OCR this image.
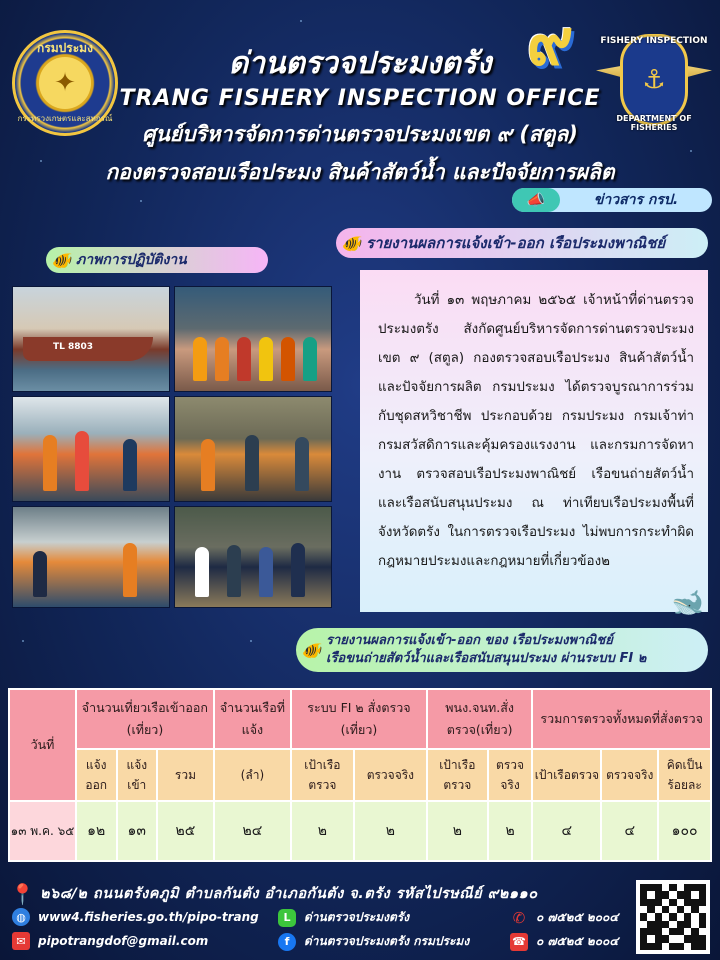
กรมประมง
✦
กระทรวงเกษตรและสหกรณ์
๙	⚓
FISHERY INSPECTION
DEPARTMENT OF FISHERIES
ด่านตรวจประมงตรัง
TRANG FISHERY INSPECTION OFFICE
ศูนย์บริหารจัดการด่านตรวจประมงเขต ๙ (สตูล)
กองตรวจสอบเรือประมง สินค้าสัตว์น้ำ และปัจจัยการผลิต
📣	ข่าวสาร กรป.
🐠 ภาพการปฏิบัติงาน
🐠 รายงานผลการแจ้งเข้า-ออก เรือประมงพาณิชย์
TL 8803

วันที่ ๑๓ พฤษภาคม ๒๕๖๕ เจ้าหน้าที่ด่านตรวจประมงตรัง สังกัดศูนย์บริหารจัดการด่านตรวจประมง เขต ๙ (สตูล) กองตรวจสอบเรือประมง สินค้าสัตว์น้ำ และปัจจัยการผลิต กรมประมง ได้ตรวจบูรณาการร่วมกับชุดสหวิชาชีพ ประกอบด้วย กรมประมง กรมเจ้าท่า กรมสวัสดิการและคุ้มครองแรงงาน และกรมการจัดหางาน ตรวจสอบเรือประมงพาณิชย์ เรือขนถ่ายสัตว์น้ำและเรือสนับสนุนประมง ณ ท่าเทียบเรือประมงพื้นที่จังหวัดตรัง ในการตรวจเรือประมง ไม่พบการกระทำผิดกฎหมายประมงและกฎหมายที่เกี่ยวข้อง๒

🐋
🐠 รายงานผลการแจ้งเข้า-ออก ของ เรือประมงพาณิชย์
เรือขนถ่ายสัตว์น้ำและเรือสนับสนุนประมง ผ่านระบบ FI ๒
วันที่	จำนวนเที่ยวเรือเข้าออก (เที่ยว)			จำนวนเรือที่แจ้ง	ระบบ FI ๒ สั่งตรวจ (เที่ยว)		พนง.จนท.สั่งตรวจ(เที่ยว)		รวมการตรวจทั้งหมดที่สั่งตรวจ		
	แจ้งออก	แจ้งเข้า	รวม	(ลำ)	เป้าเรือตรวจ	ตรวจจริง	เป้าเรือตรวจ	ตรวจจริง	เป้าเรือตรวจ	ตรวจจริง	คิดเป็นร้อยละ
๑๓ พ.ค. ๖๕	๑๒	๑๓	๒๕	๒๔	๒	๒	๒	๒	๔	๔	๑๐๐
📍 ๒๖๘/๒ ถนนตรังคภูมิ ตำบลกันตัง อำเภอกันตัง จ.ตรัง รหัสไปรษณีย์ ๙๒๑๑๐
◍	www4.fisheries.go.th/pipo-trang
✉	pipotrangdof@gmail.com
L	ด่านตรวจประมงตรัง
f	ด่านตรวจประมงตรัง กรมประมง
✆ ๐ ๗๕๒๕ ๒๐๐๔
☎ ๐ ๗๕๒๕ ๒๐๐๔
